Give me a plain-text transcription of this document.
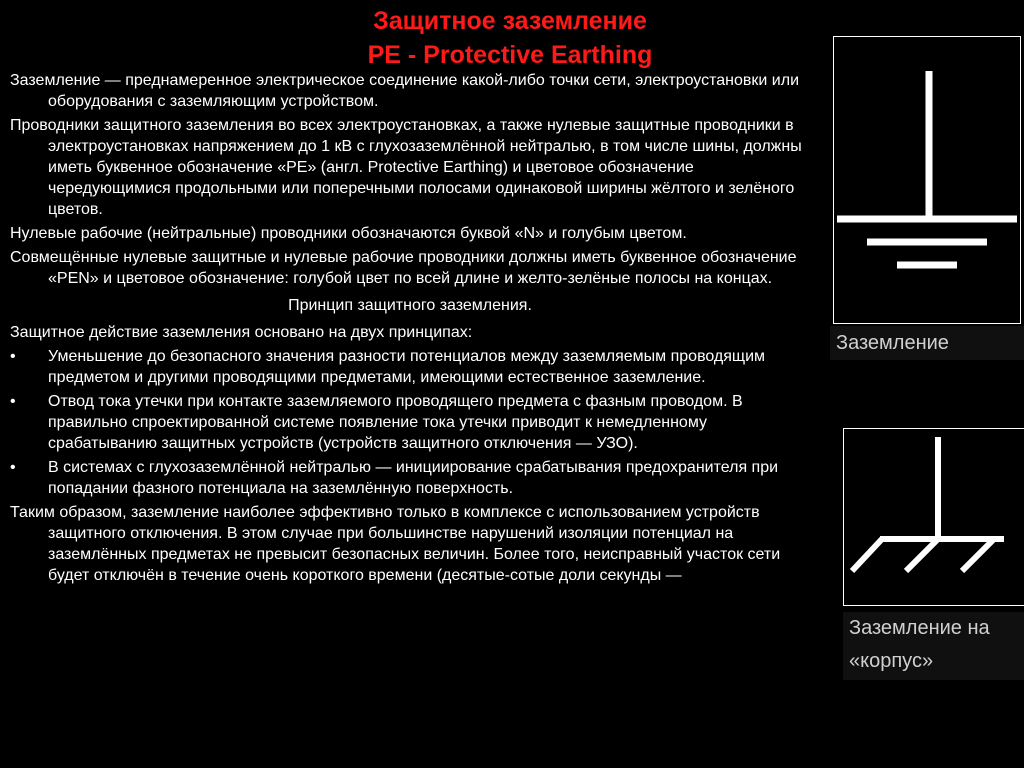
Защитное заземление
PE - Protective Earthing

Заземление — преднамеренное электрическое соединение какой-либо точки сети, электроустановки или оборудования с заземляющим устройством.

Проводники защитного заземления во всех электроустановках, а также нулевые защитные проводники в электроустановках напряжением до 1 кВ с глухозаземлённой нейтралью, в том числе шины, должны иметь буквенное обозначение «PE» (англ. Protective Earthing) и цветовое обозначение чередующимися продольными или поперечными полосами одинаковой ширины жёлтого и зелёного цветов.

Нулевые рабочие (нейтральные) проводники обозначаются буквой «N» и голубым цветом.

Совмещённые нулевые защитные и нулевые рабочие проводники должны иметь буквенное обозначение «PEN» и цветовое обозначение: голубой цвет по всей длине и желто-зелёные полосы на концах.

Принцип защитного заземления.

Защитное действие заземления основано на двух принципах:

• Уменьшение до безопасного значения разности потенциалов между заземляемым проводящим предметом и другими проводящими предметами, имеющими естественное заземление.
• Отвод тока утечки при контакте заземляемого проводящего предмета с фазным проводом. В правильно спроектированной системе появление тока утечки приводит к немедленному срабатыванию защитных устройств (устройств защитного отключения — УЗО).
• В системах с глухозаземлённой нейтралью — инициирование срабатывания предохранителя при попадании фазного потенциала на заземлённую поверхность.

Таким образом, заземление наиболее эффективно только в комплексе с использованием устройств защитного отключения. В этом случае при большинстве нарушений изоляции потенциал на заземлённых предметах не превысит безопасных величин. Более того, неисправный участок сети будет отключён в течение очень короткого времени (десятые-сотые доли секунды —

Заземление
Заземление на
«корпус»
